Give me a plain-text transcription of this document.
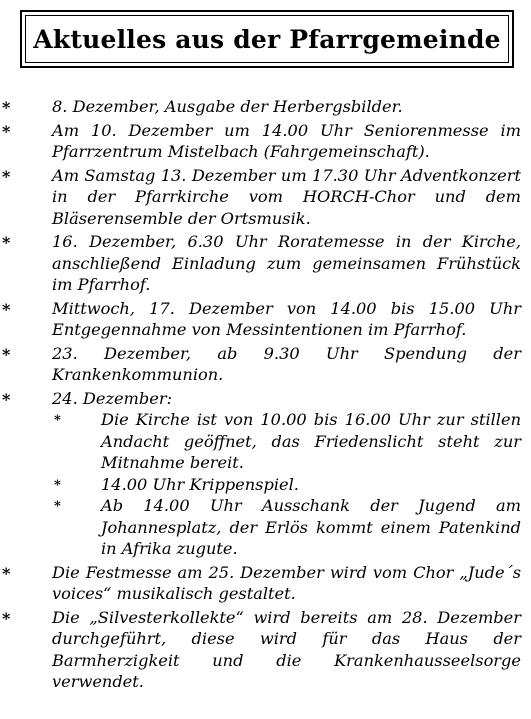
Aktuelles aus der Pfarrgemeinde
*	8. Dezember, Ausgabe der Herbergsbilder.
*	Am 10. Dezember um 14.00 Uhr Seniorenmesse im Pfarrzentrum Mistelbach (Fahrgemeinschaft).
*	Am Samstag 13. Dezember um 17.30 Uhr Adventkonzert in der Pfarrkirche vom HORCH-Chor und dem Bläserensemble der Ortsmusik.
*	16. Dezember, 6.30 Uhr Roratemesse in der Kirche, anschließend Einladung zum gemeinsamen Frühstück im Pfarrhof.
*	Mittwoch, 17. Dezember von 14.00 bis 15.00 Uhr Entgegennahme von Messintentionen im Pfarrhof.
*	23. Dezember, ab 9.30 Uhr Spendung der Krankenkommunion.
*	24. Dezember:
* Die Kirche ist von 10.00 bis 16.00 Uhr zur stillen Andacht geöffnet, das Friedenslicht steht zur Mitnahme bereit.
* 14.00 Uhr Krippenspiel.
* Ab 14.00 Uhr Ausschank der Jugend am Johannesplatz, der Erlös kommt einem Patenkind in Afrika zugute.
*	Die Festmesse am 25. Dezember wird vom Chor „Jude´s voices“ musikalisch gestaltet.
*	Die „Silvesterkollekte“ wird bereits am 28. Dezember durchgeführt, diese wird für das Haus der Barmherzigkeit und die Krankenhausseelsorge verwendet.
